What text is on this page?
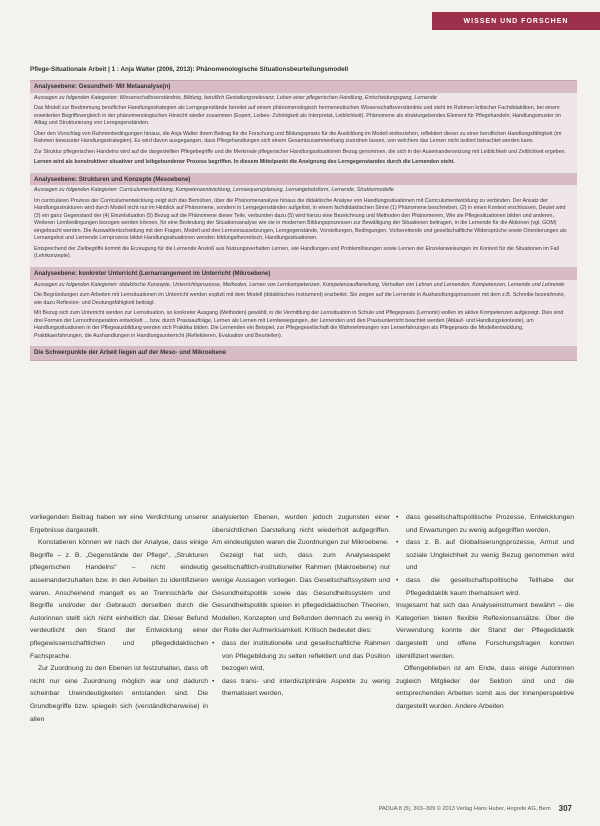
WISSEN UND FORSCHEN
Pflege-Situationale Arbeit | 1 : Anja Walter (2006, 2013): Phänomenologische Situationsbeurteilungsmodell
Analyseebene: Gesundheit- Mit Metaanalyse(n)

Aussagen zu folgenden Kategorien: Wissenschaftsverständnis, Bildung, beruflich Gestaltungsrelevanz, Leben einer pflegerischen Handlung, Entscheidungsgang, Lernende

Das Modell zur Bestimmung beruflicher Handlungsstrategien als Lerngegenstände bereitet auf einem phänomenologisch hermeneutischen Wissenschaftsverständnis und steht im Rahmen kritischer Fachdidaktiken, bei einem erweiterten Begriffsvergleich in der phänomenologischen Hinsicht wieder zusammen (Expert, Leibes- Zuhörigkeit als Interpretat, Leiblichkeit). Phänomene als strukturgebendes Element für Pflegehandeln; Handlungsmuster im Alltag und Strukturierung von Lerngegenständen.

Über den Vorschlag von Rahmenbedingungen hinaus, die Anja Walter ihrem Beitrag für die Forschung und Bildungspraxis für die Ausbildung im Modell einbeziehen, reflektiert dieser zu einer beruflichen Handlungsfähigkeit (im Rahmen bewusster Handlungsstrategien). Es wird davon ausgegangen, dass Pflegehandlungen sich einem Gesamtzusammenhang zuordnen lassen, von welchem das Lernen nicht isoliert betrachtet werden kann.

Zur Struktur pflegerischen Handelns wird auf die dargestellten Pflegebegriffe und die Merkmale pflegerischer Handlungssituationen Bezug genommen, die sich in der Auseinandersetzung mit Leiblichkeit und Zeitlichkeit ergeben.

Lernen wird als konstruktiver situativer und leibgebundener Prozess begriffen. In diesem Mittelpunkt die Aneignung des Lerngegenstandes durch die Lernenden steht.

Analyseebene: Strukturen und Konzepte (Mesoebene)

Aussagen zu folgenden Kategorien: Curriculumentwicklung, Kompetenzentwicklung, Lernsequenzplanung, Lernangebotsform, Lernende, Strukturmodelle

Im curricularen Prozess der Curriculumentwicklung zeigt sich das Bemühen, über die Phänomenanalyse hinaus die didaktische Analyse von Handlungssituationen mit Curriculumentwicklung zu verbinden. Der Ansatz der Handlungsstrukturen wird durch Modell nicht nur im Hinblick auf Phänomene, sondern in Lerngegenständen aufgelöst, in einem fachdidaktischen Sinne (1) Phänomene beschrieben, (2) in einen Kontext erschlossen, Deutet wird (3) ein ganz Gegenstand der (4) Einzelsituation (5) Bezug auf die Phänomene dieser Teile, verbunden dazu (5) wird hierzu eine Bezeichnung und Methoden den Phänomenen, Wie sie Pflegesituationen bilden und anderen, Weiteren Lernbedingungen bezogen werden können, für eine Bedeutung der Situationsanalyse wie sie in modernen Bildungsprozessen zur Bewältigung der Situationen beitragen, in die Lernende für die Aktionen (vgl. GOM) eingebracht werden. Die Auswahlentscheidung mit den Fragen, Modell und den Lernvoraussetzungen, Lerngegenstände, Vorstellungen, Bedingungen, Vorbereitende und gesellschaftliche Widersprüche sowie Orientierungen als Lernangebot und Lernende Lernprozess bildet Handlungssituationen wenden bildungstheoretisch, Handlungssituationen.

Entsprechend der Zielbegriffe kommt die Erzeugung für die Lernende Anstoß aus Nutzungsverhalten Lernen, wie Handlungen und Problemlösungen sowie Lernen der Einzelanweisungen im Kontext für die Situationen im Fall (Lehrkonzepte).

Analyseebene: konkreter Unterricht (Lernarrangement im Unterricht (Mikroebene)

Aussagen zu folgenden Kategorien: didaktische Konzepte, Unterrichtsprozesse, Methoden, Lernen von Lernkompetenzen, Kompetenzaufbereitung, Verhalten von Lehren und Lernenden, Kompetenzen, Lernende und Lehrende

Die Begründungen zum Arbeiten mit Lernsituationen im Unterricht werden explizit mit dem Modell (didaktisches Instrument) erarbeitet. Sie zeigen auf die Lernende in Aushandlungsprozessen mit dem z.B. Schreibe bezeichnete, wie dazu Reflexion- und Deutungsfähigkeit beiträgt.

Mit Bezug sich zum Unterricht werden zur Lernsituation, so konkreter Ausgang (Methoden) gewählt, in die Vermittlung der Lernsituation in Schule und Pflegepraxis (Lernorte) wollen im aktive Kompetenzen aufgezeigt. Dies sind drei Formen der Lernorthooperation entwickelt ... bzw. durch Praxisaufträge, Lernen als Lernen mit Lernbewegungen, der Lernenden und den Praxisunterricht beachtet werden (Ablauf- und Handlungskontexte), um Handlungssituationen in der Pflegeausbildung werden sich Praktika bilden. Die Lernenden ein Beispiel, zur Pflegegesellschaft die Wahrnehmungen von Lernerfahrungen als Pflegepraxis die Modellentwicklung, Praktikaerfahrungen, die Aushandlungen in Handlungsunterricht (Reflektieren, Evaluation und Beurteilen).

Die Schwerpunkte der Arbeit liegen auf der Meso- und Mikroebene

vorliegenden Beitrag haben wir eine Verdichtung unserer Ergebnisse dargestellt.

Konstatieren können wir nach der Analyse, dass einige Begriffe – z. B. „Gegenstände der Pflege“, „Strukturen pflegerischen Handelns“ – nicht eindeutig auseinanderzuhalten bzw. in den Arbeiten zu identifizieren waren. Anscheinend mangelt es an Trennschärfe der Begriffe und/oder der Gebrauch derselben durch die Autorinnen stellt sich nicht einheitlich dar. Dieser Befund verdeutlicht den Stand der Entwicklung einer pflegewissenschaftlichen und pflegedidaktischen Fachsprache.

Zur Zuordnung zu den Ebenen ist festzuhalten, dass oft nicht nur eine Zuordnung möglich war und dadurch scheinbar Uneindeutigkeiten entstanden sind. Die Grundbegriffe bzw. spiegeln sich (verständlicherweise) in allen

analysierten Ebenen, wurden jedoch zugunsten einer übersichtlichen Darstellung nicht wiederholt aufgegriffen. Am eindeutigsten waren die Zuordnungen zur Mikroebene.

Gezeigt hat sich, dass zum Analyseaspekt gesellschaftlich-institutioneller Rahmen (Makroebene) nur wenige Aussagen vorliegen. Das Gesellschaftssystem und Gesundheitspolitik sowie das Gesundheitssystem und Gesundheitspolitik spielen in pflegedidaktischen Theorien, Modellen, Konzepten und Befunden demnach zu wenig in der Rolle der Aufmerksamkeit. Kritisch bedeutet dies:

• dass der institutionelle und gesellschaftliche Rahmen von Pflegebildung zu selten reflektiert und das Position bezogen wird,
• dass trans- und interdisziplinäre Aspekte zu wenig thematisiert werden,
• dass gesellschaftspolitische Prozesse, Entwicklungen und Erwartungen zu wenig aufgegriffen werden,
• dass z. B. auf Globalisierungsprozesse, Armut und soziale Ungleichheit zu wenig Bezug genommen wird und
• dass die gesellschaftspolitische Teilhabe der Pflegedidaktik kaum thematisiert wird.

Insgesamt hat sich das Analyseinstrument bewährt – die Kategorien bieten flexible Reflexionsansätze. Über die Verwendung konnte der Stand der Pflegedidaktik dargestellt und offene Forschungsfragen konnten identifiziert werden.

Offengeblieben ist am Ende, dass einige Autorinnen zugleich Mitglieder der Sektion sind und die entsprechenden Arbeiten somit aus der Innenperspektive dargestellt wurden. Andere Arbeiten

PADUA 8 (5), 303–309 © 2013 Verlag Hans Huber, Hogrefe AG, Bern 307
